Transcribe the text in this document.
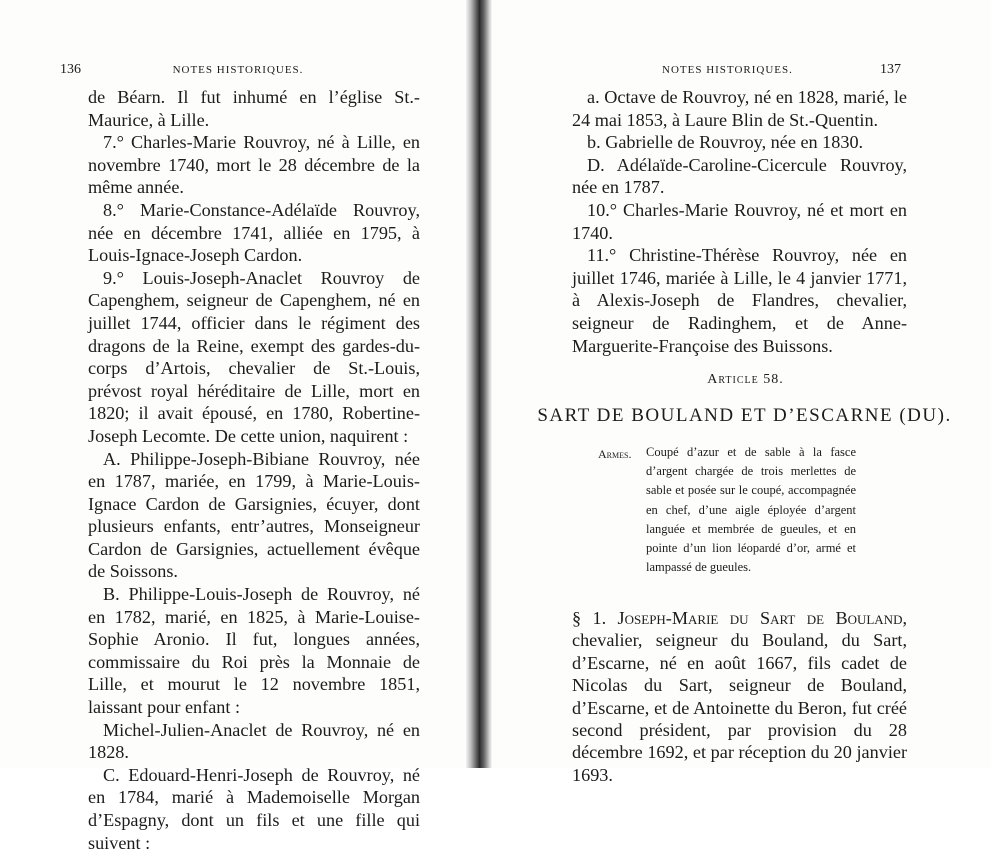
136	NOTES HISTORIQUES.

de Béarn. Il fut inhumé en l’église St.-Maurice, à Lille.

7.° Charles-Marie Rouvroy, né à Lille, en novembre 1740, mort le 28 décembre de la même année.

8.° Marie-Constance-Adélaïde Rouvroy, née en décembre 1741, alliée en 1795, à Louis-Ignace-Joseph Cardon.

9.° Louis-Joseph-Anaclet Rouvroy de Capenghem, seigneur de Capenghem, né en juillet 1744, officier dans le régiment des dragons de la Reine, exempt des gardes-du-corps d’Artois, chevalier de St.-Louis, prévost royal héréditaire de Lille, mort en 1820; il avait épousé, en 1780, Robertine-Joseph Lecomte. De cette union, naquirent :

A. Philippe-Joseph-Bibiane Rouvroy, née en 1787, mariée, en 1799, à Marie-Louis-Ignace Cardon de Garsignies, écuyer, dont plusieurs enfants, entr’autres, Monseigneur Cardon de Garsignies, actuellement évêque de Soissons.

B. Philippe-Louis-Joseph de Rouvroy, né en 1782, marié, en 1825, à Marie-Louise-Sophie Aronio. Il fut, longues années, commissaire du Roi près la Monnaie de Lille, et mourut le 12 novembre 1851, laissant pour enfant :

Michel-Julien-Anaclet de Rouvroy, né en 1828.

C. Edouard-Henri-Joseph de Rouvroy, né en 1784, marié à Mademoiselle Morgan d’Espagny, dont un fils et une fille qui suivent :

NOTES HISTORIQUES.	137

a. Octave de Rouvroy, né en 1828, marié, le 24 mai 1853, à Laure Blin de St.-Quentin.

b. Gabrielle de Rouvroy, née en 1830.

D. Adélaïde-Caroline-Cicercule Rouvroy, née en 1787.

10.° Charles-Marie Rouvroy, né et mort en 1740.

11.° Christine-Thérèse Rouvroy, née en juillet 1746, mariée à Lille, le 4 janvier 1771, à Alexis-Joseph de Flandres, chevalier, seigneur de Radinghem, et de Anne-Marguerite-Françoise des Buissons.

Article 58.
SART DE BOULAND ET D’ESCARNE (DU).
Armes. Coupé d’azur et de sable à la fasce d’argent chargée de trois merlettes de sable et posée sur le coupé, accompagnée en chef, d’une aigle éployée d’argent languée et membrée de gueules, et en pointe d’un lion léopardé d’or, armé et lampassé de gueules.
§ 1. Joseph-Marie du Sart de Bouland, chevalier, seigneur du Bouland, du Sart, d’Escarne, né en août 1667, fils cadet de Nicolas du Sart, seigneur de Bouland, d’Escarne, et de Antoinette du Beron, fut créé second président, par provision du 28 décembre 1692, et par réception du 20 janvier 1693.
